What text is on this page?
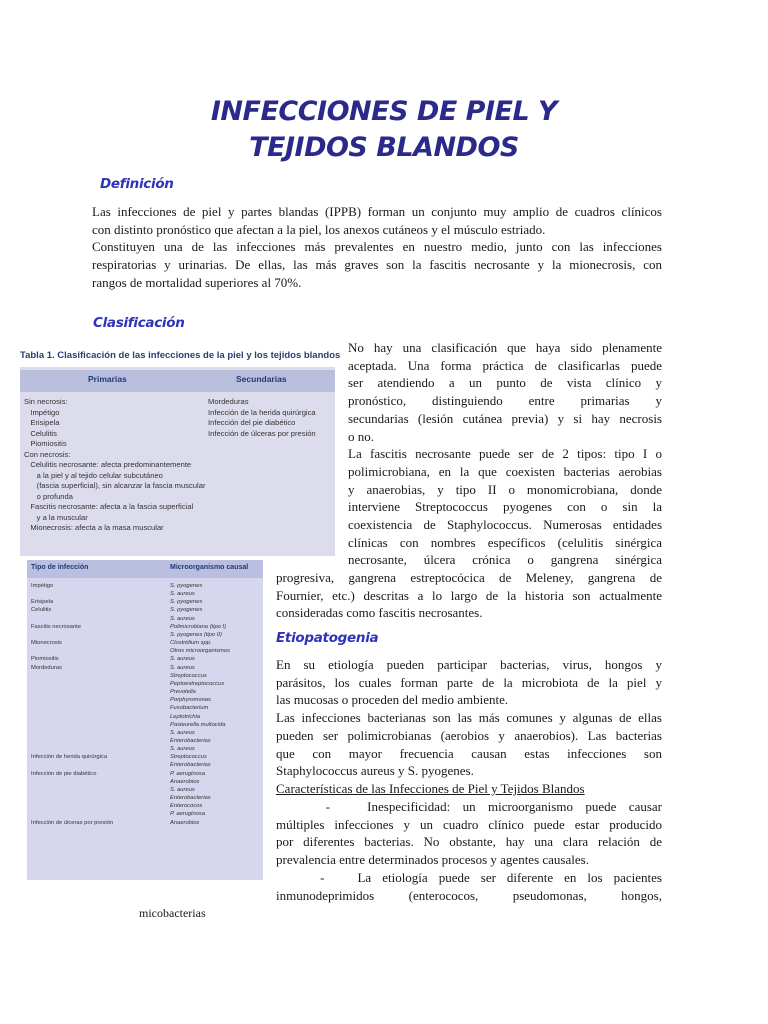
INFECCIONES DE PIEL Y
TEJIDOS BLANDOS
Definición
Las infecciones de piel y partes blandas (IPPB) forman un conjunto muy amplio de cuadros clínicos
con distinto pronóstico que afectan a la piel, los anexos cutáneos y el músculo estriado.
Constituyen una de las infecciones más prevalentes en nuestro medio, junto con las infecciones
respiratorias y urinarias. De ellas, las más graves son la fascitis necrosante y la mionecrosis, con
rangos de mortalidad superiores al 70%.
Clasificación
Tabla 1. Clasificación de las infecciones de la piel y los tejidos blandos
Primarias	Secundarias
Sin necrosis:
Impétigo
Erisipela
Celulitis
Piomiositis
Con necrosis:
Celulitis necrosante: afecta predominantemente
a la piel y al tejido celular subcutáneo
(fascia superficial), sin alcanzar la fascia muscular
o profunda
Fascitis necrosante: afecta a la fascia superficial
y a la muscular
Mionecrosis: afecta a la masa muscular
Mordeduras
Infección de la herida quirúrgica
Infección del pie diabético
Infección de úlceras por presión
No hay una clasificación que haya sido plenamente
aceptada. Una forma práctica de clasificarlas puede
ser atendiendo a un punto de vista clínico y
pronóstico, distinguiendo entre primarias y
secundarias (lesión cutánea previa) y si hay necrosis
o no.
La fascitis necrosante puede ser de 2 tipos: tipo I o
polimicrobiana, en la que coexisten bacterias aerobias
y anaerobias, y tipo II o monomicrobiana, donde
interviene Streptococcus pyogenes con o sin la
coexistencia de Staphylococcus. Numerosas entidades
clínicas con nombres específicos (celulitis sinérgica
necrosante, úlcera crónica o gangrena sinérgica
progresiva, gangrena estreptocócica de Meleney, gangrena de
Fournier, etc.) descritas a lo largo de la historia son actualmente
consideradas como fascitis necrosantes.
Tipo de infección	Microorganismo causal
Impétigo

Erisipela
Celulitis

Fascitis necrosante

Mionecrosis

Piomiositis
Mordeduras

Infección de herida quirúrgica

Infección de pie diabético

Infección de úlceras por presión
S. pyogenes
S. aureus
S. pyogenes
S. pyogenes
S. aureus
Polimicrobiana (tipo I)
S. pyogenes (tipo II)
Clostridium spp.
Otros microorganismos
S. aureus
S. aureus
Streptococcus
Peptoestreptococcus
Prevotella
Porphyromonas
Fusobacterium
Leptotrichia
Pasteurella multocida
S. aureus
Enterobacterias
S. aureus
Streptococcus
Enterobacterias
P. aeruginosa
Anaerobios
S. aureus
Enterobacterias
Enterococos
P. aeruginosa
Anaerobios
Etiopatogenia
En su etiología pueden participar bacterias, virus, hongos y
parásitos, los cuales forman parte de la microbiota de la piel y
las mucosas o proceden del medio ambiente.
Las infecciones bacterianas son las más comunes y algunas de ellas
pueden ser polimicrobianas (aerobios y anaerobios). Las bacterias
que con mayor frecuencia causan estas infecciones son
Staphylococcus aureus y S. pyogenes.
Características de las Infecciones de Piel y Tejidos Blandos
-   Inespecificidad: un microorganismo puede causar
múltiples infecciones y un cuadro clínico puede estar producido
por diferentes bacterias. No obstante, hay una clara relación de
prevalencia entre determinados procesos y agentes causales.
-   La etiología puede ser diferente en los pacientes
inmunodeprimidos (enterococos, pseudomonas, hongos,
micobacterias
